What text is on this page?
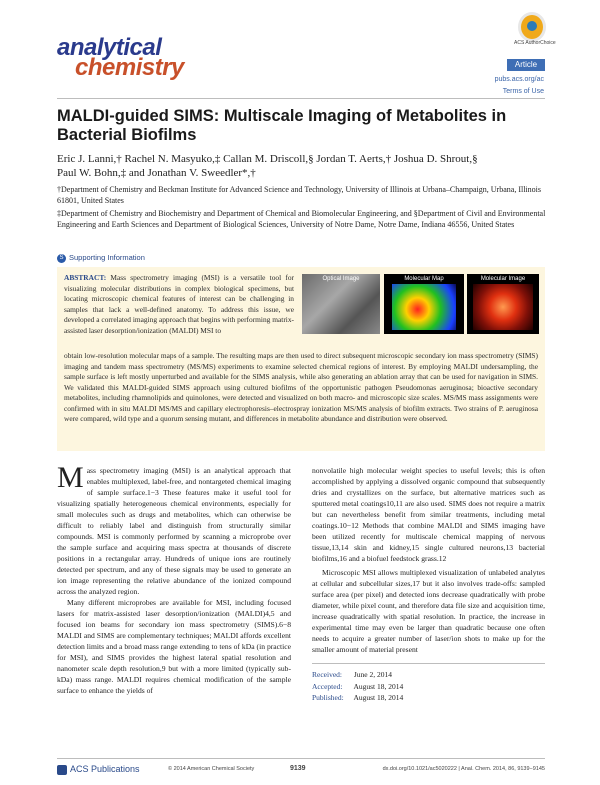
analytical
chemistry
ACS AuthorChoice
Article
pubs.acs.org/ac
Terms of Use
MALDI-guided SIMS: Multiscale Imaging of Metabolites in Bacterial Biofilms
Eric J. Lanni,† Rachel N. Masyuko,‡ Callan M. Driscoll,§ Jordan T. Aerts,† Joshua D. Shrout,§
Paul W. Bohn,‡ and Jonathan V. Sweedler*,†
†Department of Chemistry and Beckman Institute for Advanced Science and Technology, University of Illinois at Urbana–Champaign, Urbana, Illinois 61801, United States
‡Department of Chemistry and Biochemistry and Department of Chemical and Biomolecular Engineering, and §Department of Civil and Environmental Engineering and Earth Sciences and Department of Biological Sciences, University of Notre Dame, Notre Dame, Indiana 46556, United States
S Supporting Information
ABSTRACT: Mass spectrometry imaging (MSI) is a versatile tool for visualizing molecular distributions in complex biological specimens, but locating microscopic chemical features of interest can be challenging in samples that lack a well-defined anatomy. To address this issue, we developed a correlated imaging approach that begins with performing matrix-assisted laser desorption/ionization (MALDI) MSI to
Optical Image	Molecular Map	Molecular Image
obtain low-resolution molecular maps of a sample. The resulting maps are then used to direct subsequent microscopic secondary ion mass spectrometry (SIMS) imaging and tandem mass spectrometry (MS/MS) experiments to examine selected chemical regions of interest. By employing MALDI undersampling, the sample surface is left mostly unperturbed and available for the SIMS analysis, while also generating an ablation array that can be used for navigation in SIMS. We validated this MALDI-guided SIMS approach using cultured biofilms of the opportunistic pathogen Pseudomonas aeruginosa; bioactive secondary metabolites, including rhamnolipids and quinolones, were detected and visualized on both macro- and microscopic size scales. MS/MS mass assignments were confirmed with in situ MALDI MS/MS and capillary electrophoresis–electrospray ionization MS/MS analysis of biofilm extracts. Two strains of P. aeruginosa were compared, wild type and a quorum sensing mutant, and differences in metabolite abundance and distribution were observed.
Mass spectrometry imaging (MSI) is an analytical approach that enables multiplexed, label-free, and nontargeted chemical imaging of sample surface.1−3 These features make it useful tool for visualizing spatially heterogeneous chemical environments, especially for small molecules such as drugs and metabolites, which can otherwise be difficult to reliably label and distinguish from structurally similar compounds. MSI is commonly performed by scanning a microprobe over the sample surface and acquiring mass spectra at thousands of discrete positions in a rectangular array. Hundreds of unique ions are routinely detected per spectrum, and any of these signals may be used to generate an ion image representing the relative abundance of the ionized compound across the analyzed region.
Many different microprobes are available for MSI, including focused lasers for matrix-assisted laser desorption/ionization (MALDI)4,5 and focused ion beams for secondary ion mass spectrometry (SIMS).6−8 MALDI and SIMS are complementary techniques; MALDI affords excellent detection limits and a broad mass range extending to tens of kDa (in practice for MSI), and SIMS provides the highest lateral spatial resolution and nanometer scale depth resolution,9 but with a more limited (typically sub-kDa) mass range. MALDI requires chemical modification of the sample surface to enhance the yields of
nonvolatile high molecular weight species to useful levels; this is often accomplished by applying a dissolved organic compound that subsequently dries and crystallizes on the surface, but alternative matrices such as sputtered metal coatings10,11 are also used. SIMS does not require a matrix but can nevertheless benefit from similar treatments, including metal coatings.10−12 Methods that combine MALDI and SIMS imaging have been utilized recently for multiscale chemical mapping of nervous tissue,13,14 skin and kidney,15 single cultured neurons,13 bacterial biofilms,16 and a biofuel feedstock grass.12
Microscopic MSI allows multiplexed visualization of unlabeled analytes at cellular and subcellular sizes,17 but it also involves trade-offs: sampled surface area (per pixel) and detected ions decrease quadratically with probe diameter, while pixel count, and therefore data file size and acquisition time, increase quadratically with spatial resolution. In practice, the increase in experimental time may even be larger than quadratic because one often needs to acquire a greater number of laser/ion shots to make up for the smaller amount of material present
Received: June 2, 2014
Accepted: August 18, 2014
Published: August 18, 2014
ACS Publications	© 2014 American Chemical Society	9139	dx.doi.org/10.1021/ac5020222 | Anal. Chem. 2014, 86, 9139−9145
